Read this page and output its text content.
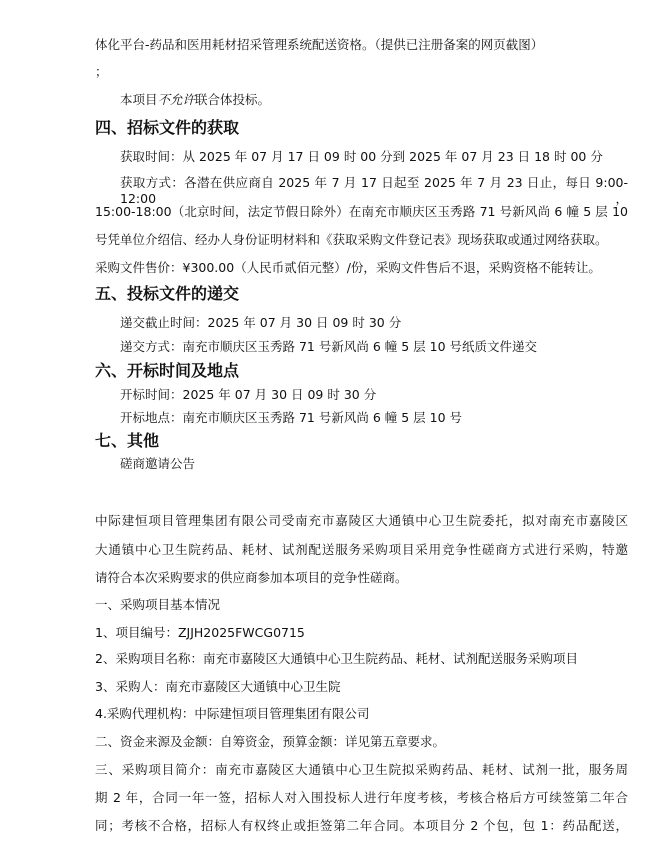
体化平台-药品和医用耗材招采管理系统配送资格。（提供已注册备案的网页截图）
；
本项目不允许联合体投标。
四、招标文件的获取
获取时间：从 2025 年 07 月 17 日 09 时 00 分到 2025 年 07 月 23 日 18 时 00 分
获取方式：各潜在供应商自 2025 年 7 月 17 日起至 2025 年 7 月 23 日止，每日 9:00-12:00，
15:00-18:00（北京时间，法定节假日除外）在南充市顺庆区玉秀路 71 号新风尚 6 幢 5 层 10
号凭单位介绍信、经办人身份证明材料和《获取采购文件登记表》现场获取或通过网络获取。
采购文件售价：¥300.00（人民币贰佰元整）/份，采购文件售后不退，采购资格不能转让。
五、投标文件的递交
递交截止时间：2025 年 07 月 30 日 09 时 30 分
递交方式：南充市顺庆区玉秀路 71 号新风尚 6 幢 5 层 10 号纸质文件递交
六、开标时间及地点
开标时间：2025 年 07 月 30 日 09 时 30 分
开标地点：南充市顺庆区玉秀路 71 号新风尚 6 幢 5 层 10 号
七、其他
磋商邀请公告
中际建恒项目管理集团有限公司受南充市嘉陵区大通镇中心卫生院委托，拟对南充市嘉陵区
大通镇中心卫生院药品、耗材、试剂配送服务采购项目采用竞争性磋商方式进行采购，特邀
请符合本次采购要求的供应商参加本项目的竞争性磋商。
一、采购项目基本情况
1、项目编号：ZJJH2025FWCG0715
2、采购项目名称：南充市嘉陵区大通镇中心卫生院药品、耗材、试剂配送服务采购项目
3、采购人：南充市嘉陵区大通镇中心卫生院
4.采购代理机构：中际建恒项目管理集团有限公司
二、资金来源及金额：自筹资金，预算金额：详见第五章要求。
三、采购项目简介：南充市嘉陵区大通镇中心卫生院拟采购药品、耗材、试剂一批，服务周
期 2 年，合同一年一签，招标人对入围投标人进行年度考核，考核合格后方可续签第二年合
同；考核不合格，招标人有权终止或拒签第二年合同。本项目分 2 个包，包 1：药品配送，
